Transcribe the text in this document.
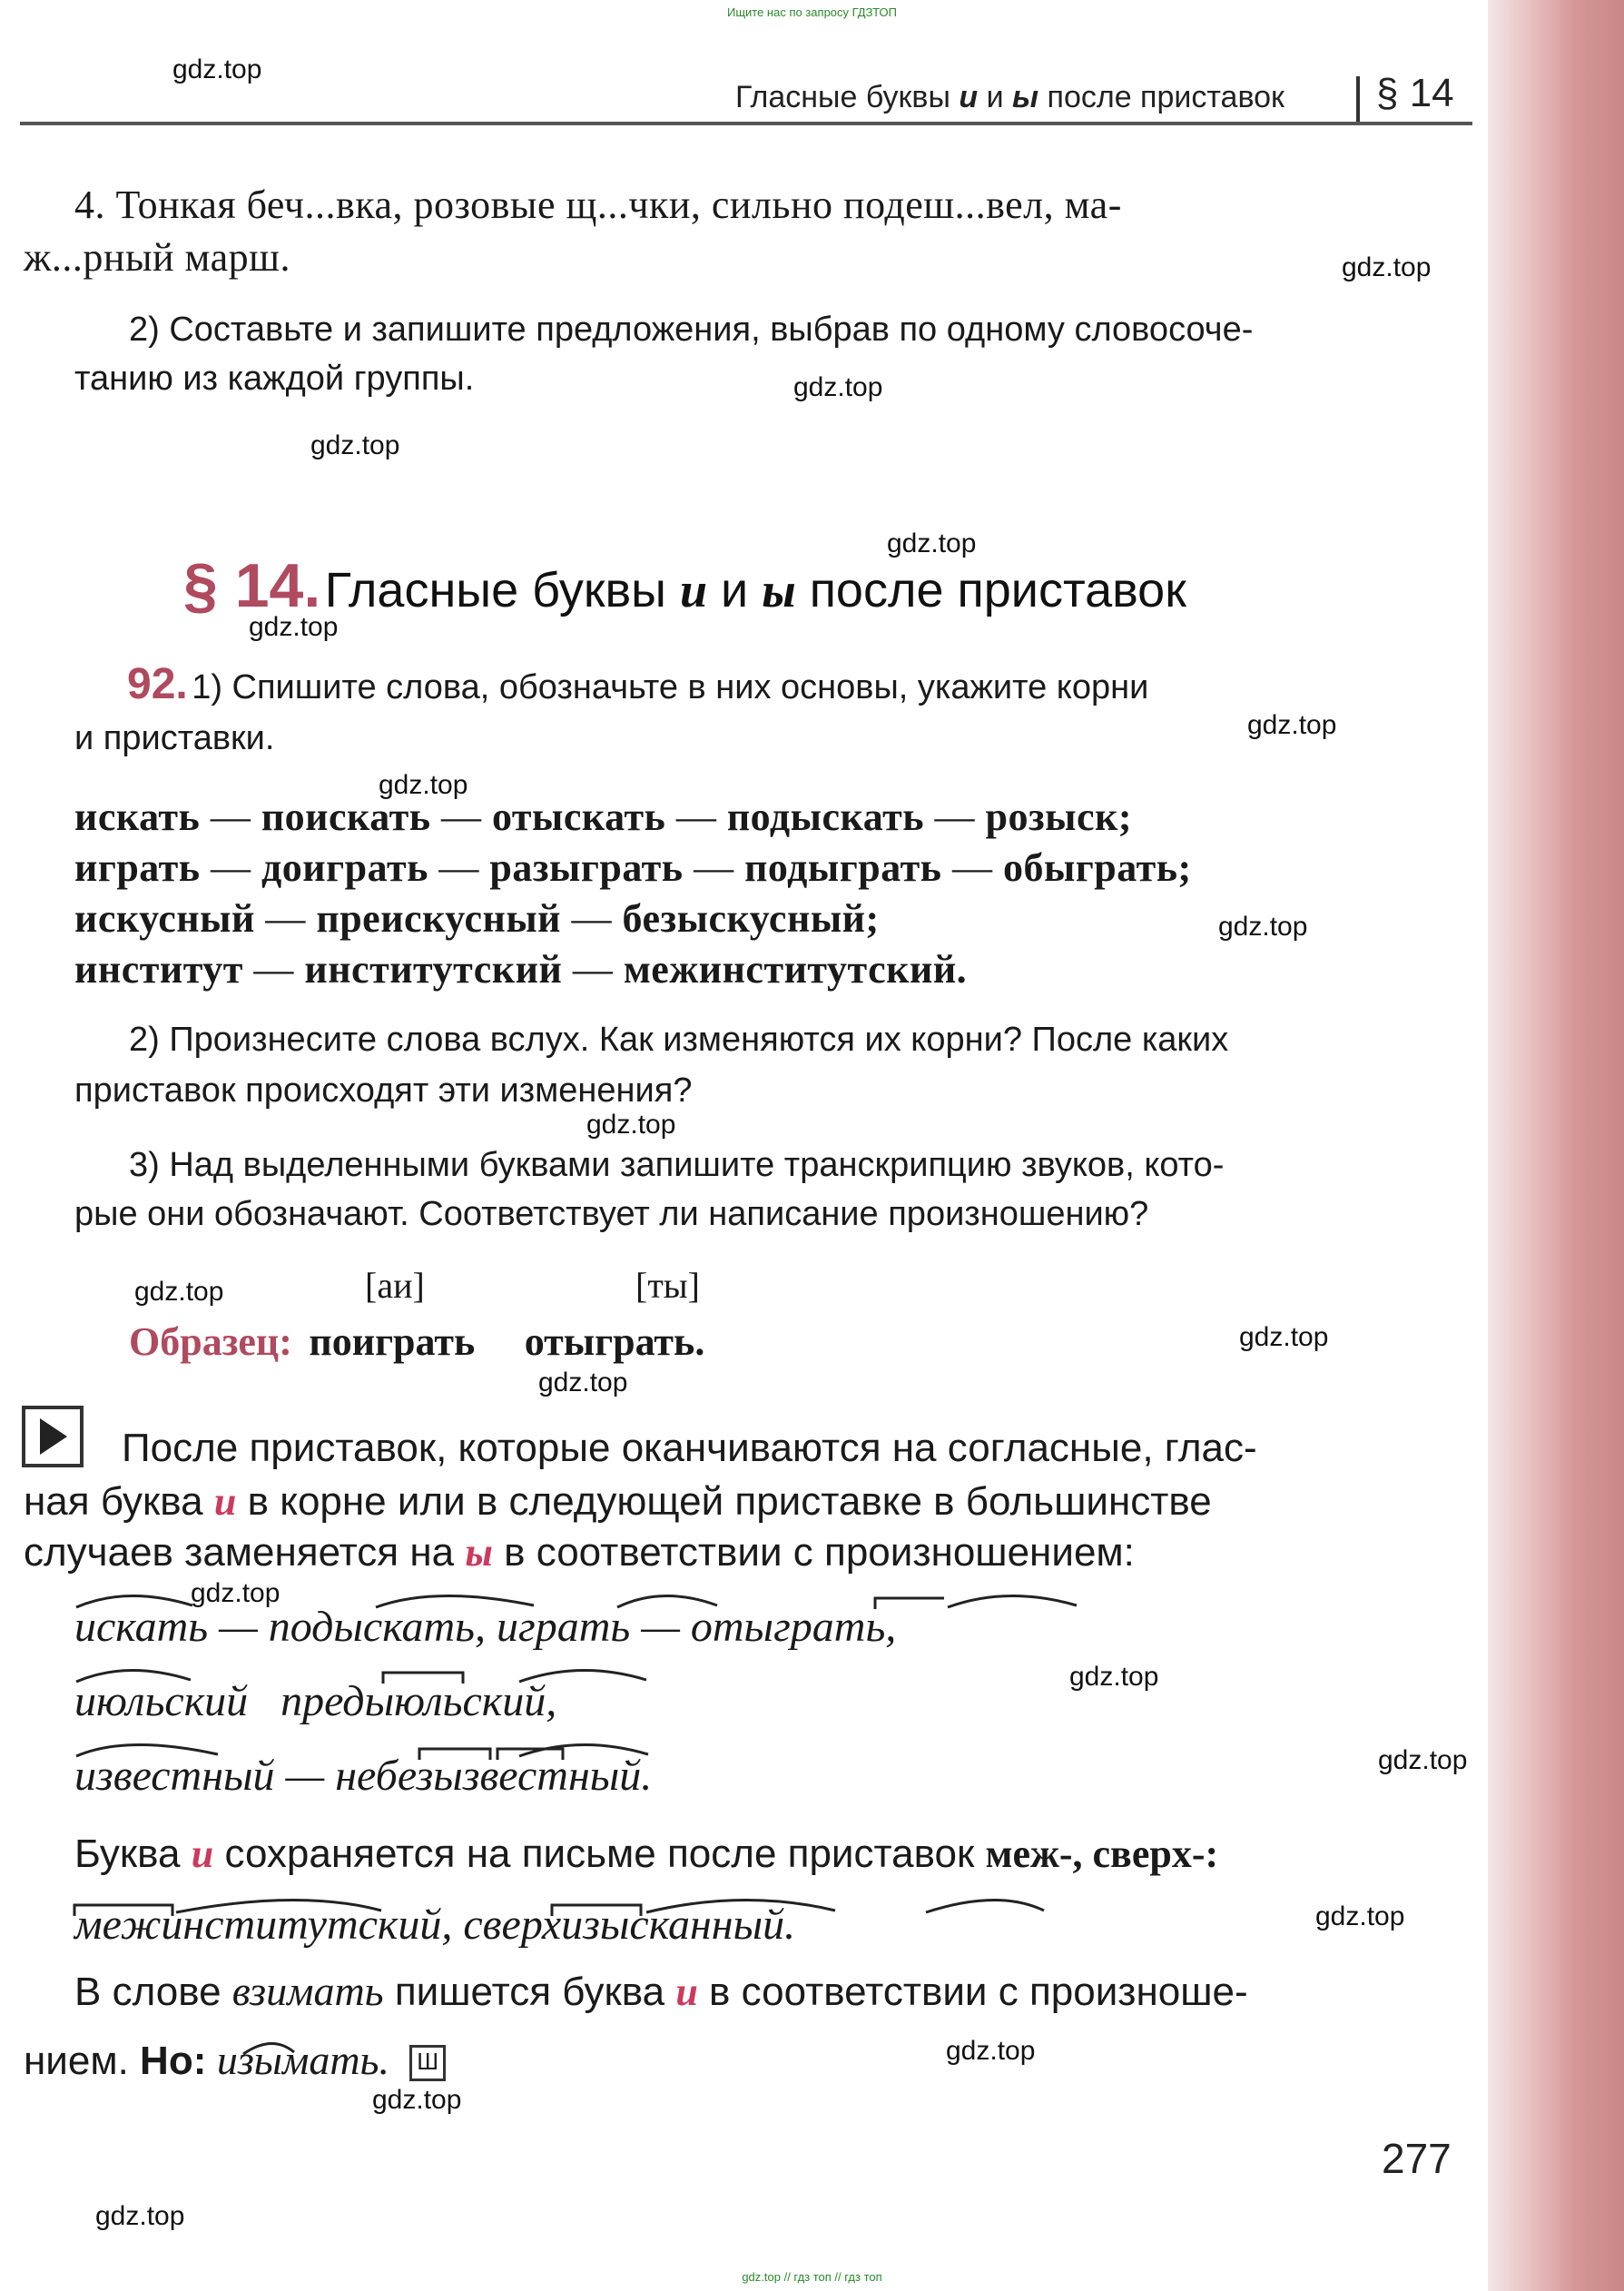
Ищите нас по запросу ГДЗТОП
gdz.top
gdz.top
gdz.top
gdz.top
gdz.top
gdz.top
gdz.top
gdz.top
gdz.top
gdz.top
gdz.top
gdz.top
gdz.top
gdz.top
gdz.top
gdz.top
gdz.top
gdz.top
gdz.top
gdz.top
Гласные буквы и и ы после приставок § 14
4. Тонкая беч...вка, розовые щ...чки, сильно подеш...вел, ма-
ж...рный марш.
2) Составьте и запишите предложения, выбрав по одному словосоче-
танию из каждой группы.
§ 14. Гласные буквы и и ы после приставок
92. 1) Спишите слова, обозначьте в них основы, укажите корни
и приставки.
искать — поискать — отыскать — подыскать — розыск;
играть — доиграть — разыграть — подыграть — обыграть;
искусный — преискусный — безыскусный;
институт — институтский — межинститутский.
2) Произнесите слова вслух. Как изменяются их корни? После каких
приставок происходят эти изменения?
3) Над выделенными буквами запишите транскрипцию звуков, кото-
рые они обозначают. Соответствует ли написание произношению?
[аи]	[ты]
Образец: поиграть отыграть.
После приставок, которые оканчиваются на согласные, глас-
ная буква и в корне или в следующей приставке в большинстве
случаев заменяется на ы в соответствии с произношением:
искать — подыскать, играть — отыграть,
июльский   предыюльский,
известный — небезызвестный.
Буква и сохраняется на письме после приставок меж-, сверх-:
межинститутский, сверхизысканный.
В слове взимать пишется буква и в соответствии с произноше-
нием. Но: изымать. Ш
277
gdz.top // гдз топ // гдз топ
